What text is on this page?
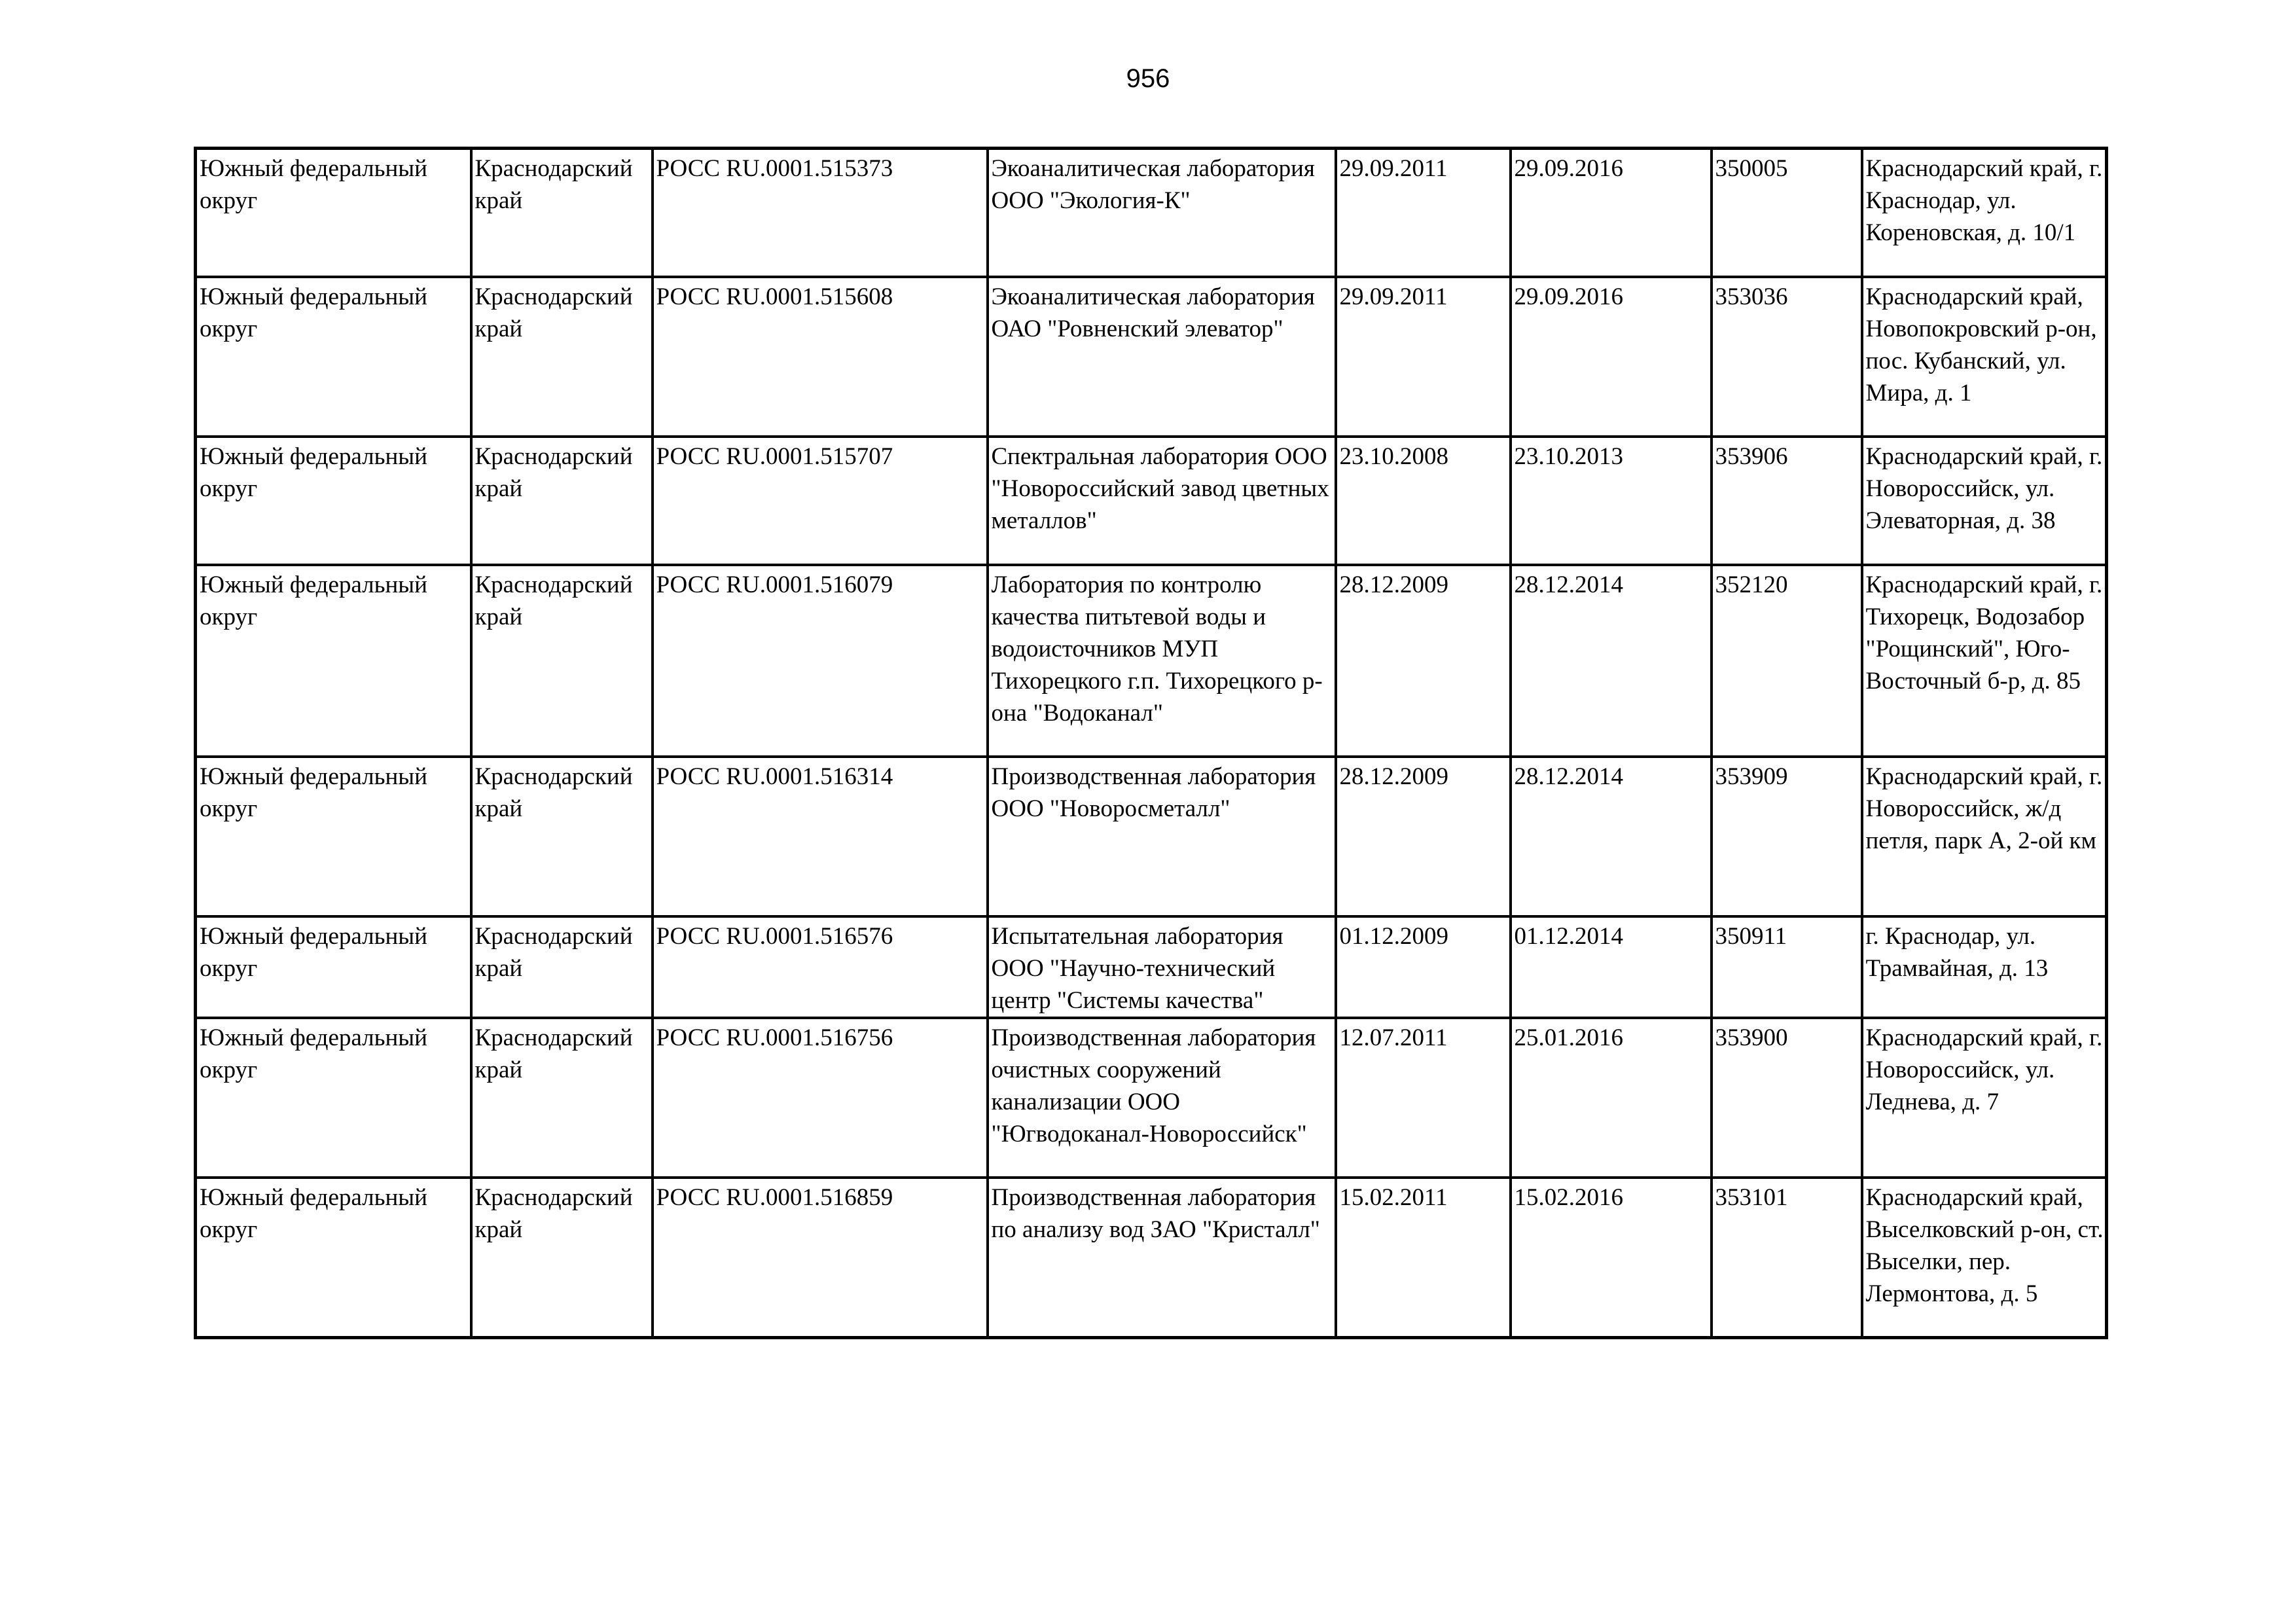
956
Южный федеральный округ	Краснодарский край	РОСС RU.0001.515373	Экоаналитическая лаборатория ООО "Экология-К"	29.09.2011	29.09.2016	350005	Краснодарский край, г. Краснодар, ул. Кореновская, д. 10/1
Южный федеральный округ	Краснодарский край	РОСС RU.0001.515608	Экоаналитическая лаборатория ОАО "Ровненский элеватор"	29.09.2011	29.09.2016	353036	Краснодарский край, Новопокровский р-он, пос. Кубанский, ул. Мира, д. 1
Южный федеральный округ	Краснодарский край	РОСС RU.0001.515707	Спектральная лаборатория ООО "Новороссийский завод цветных металлов"	23.10.2008	23.10.2013	353906	Краснодарский край, г. Новороссийск, ул. Элеваторная, д. 38
Южный федеральный округ	Краснодарский край	РОСС RU.0001.516079	Лаборатория по контролю качества питьтевой воды и водоисточников МУП Тихорецкого г.п. Тихорецкого р-она "Водоканал"	28.12.2009	28.12.2014	352120	Краснодарский край, г. Тихорецк, Водозабор "Рощинский", Юго-Восточный б-р, д. 85
Южный федеральный округ	Краснодарский край	РОСС RU.0001.516314	Производственная лаборатория ООО "Новоросметалл"	28.12.2009	28.12.2014	353909	Краснодарский край, г. Новороссийск, ж/д петля, парк А, 2-ой км
Южный федеральный округ	Краснодарский край	РОСС RU.0001.516576	Испытательная лаборатория ООО "Научно-технический центр "Системы качества"	01.12.2009	01.12.2014	350911	г. Краснодар, ул. Трамвайная, д. 13
Южный федеральный округ	Краснодарский край	РОСС RU.0001.516756	Производственная лаборатория очистных сооружений канализации ООО "Югводоканал-Новороссийск"	12.07.2011	25.01.2016	353900	Краснодарский край, г. Новороссийск, ул. Леднева, д. 7
Южный федеральный округ	Краснодарский край	РОСС RU.0001.516859	Производственная лаборатория по анализу вод ЗАО "Кристалл"	15.02.2011	15.02.2016	353101	Краснодарский край, Выселковский р-он, ст. Выселки, пер. Лермонтова, д. 5
